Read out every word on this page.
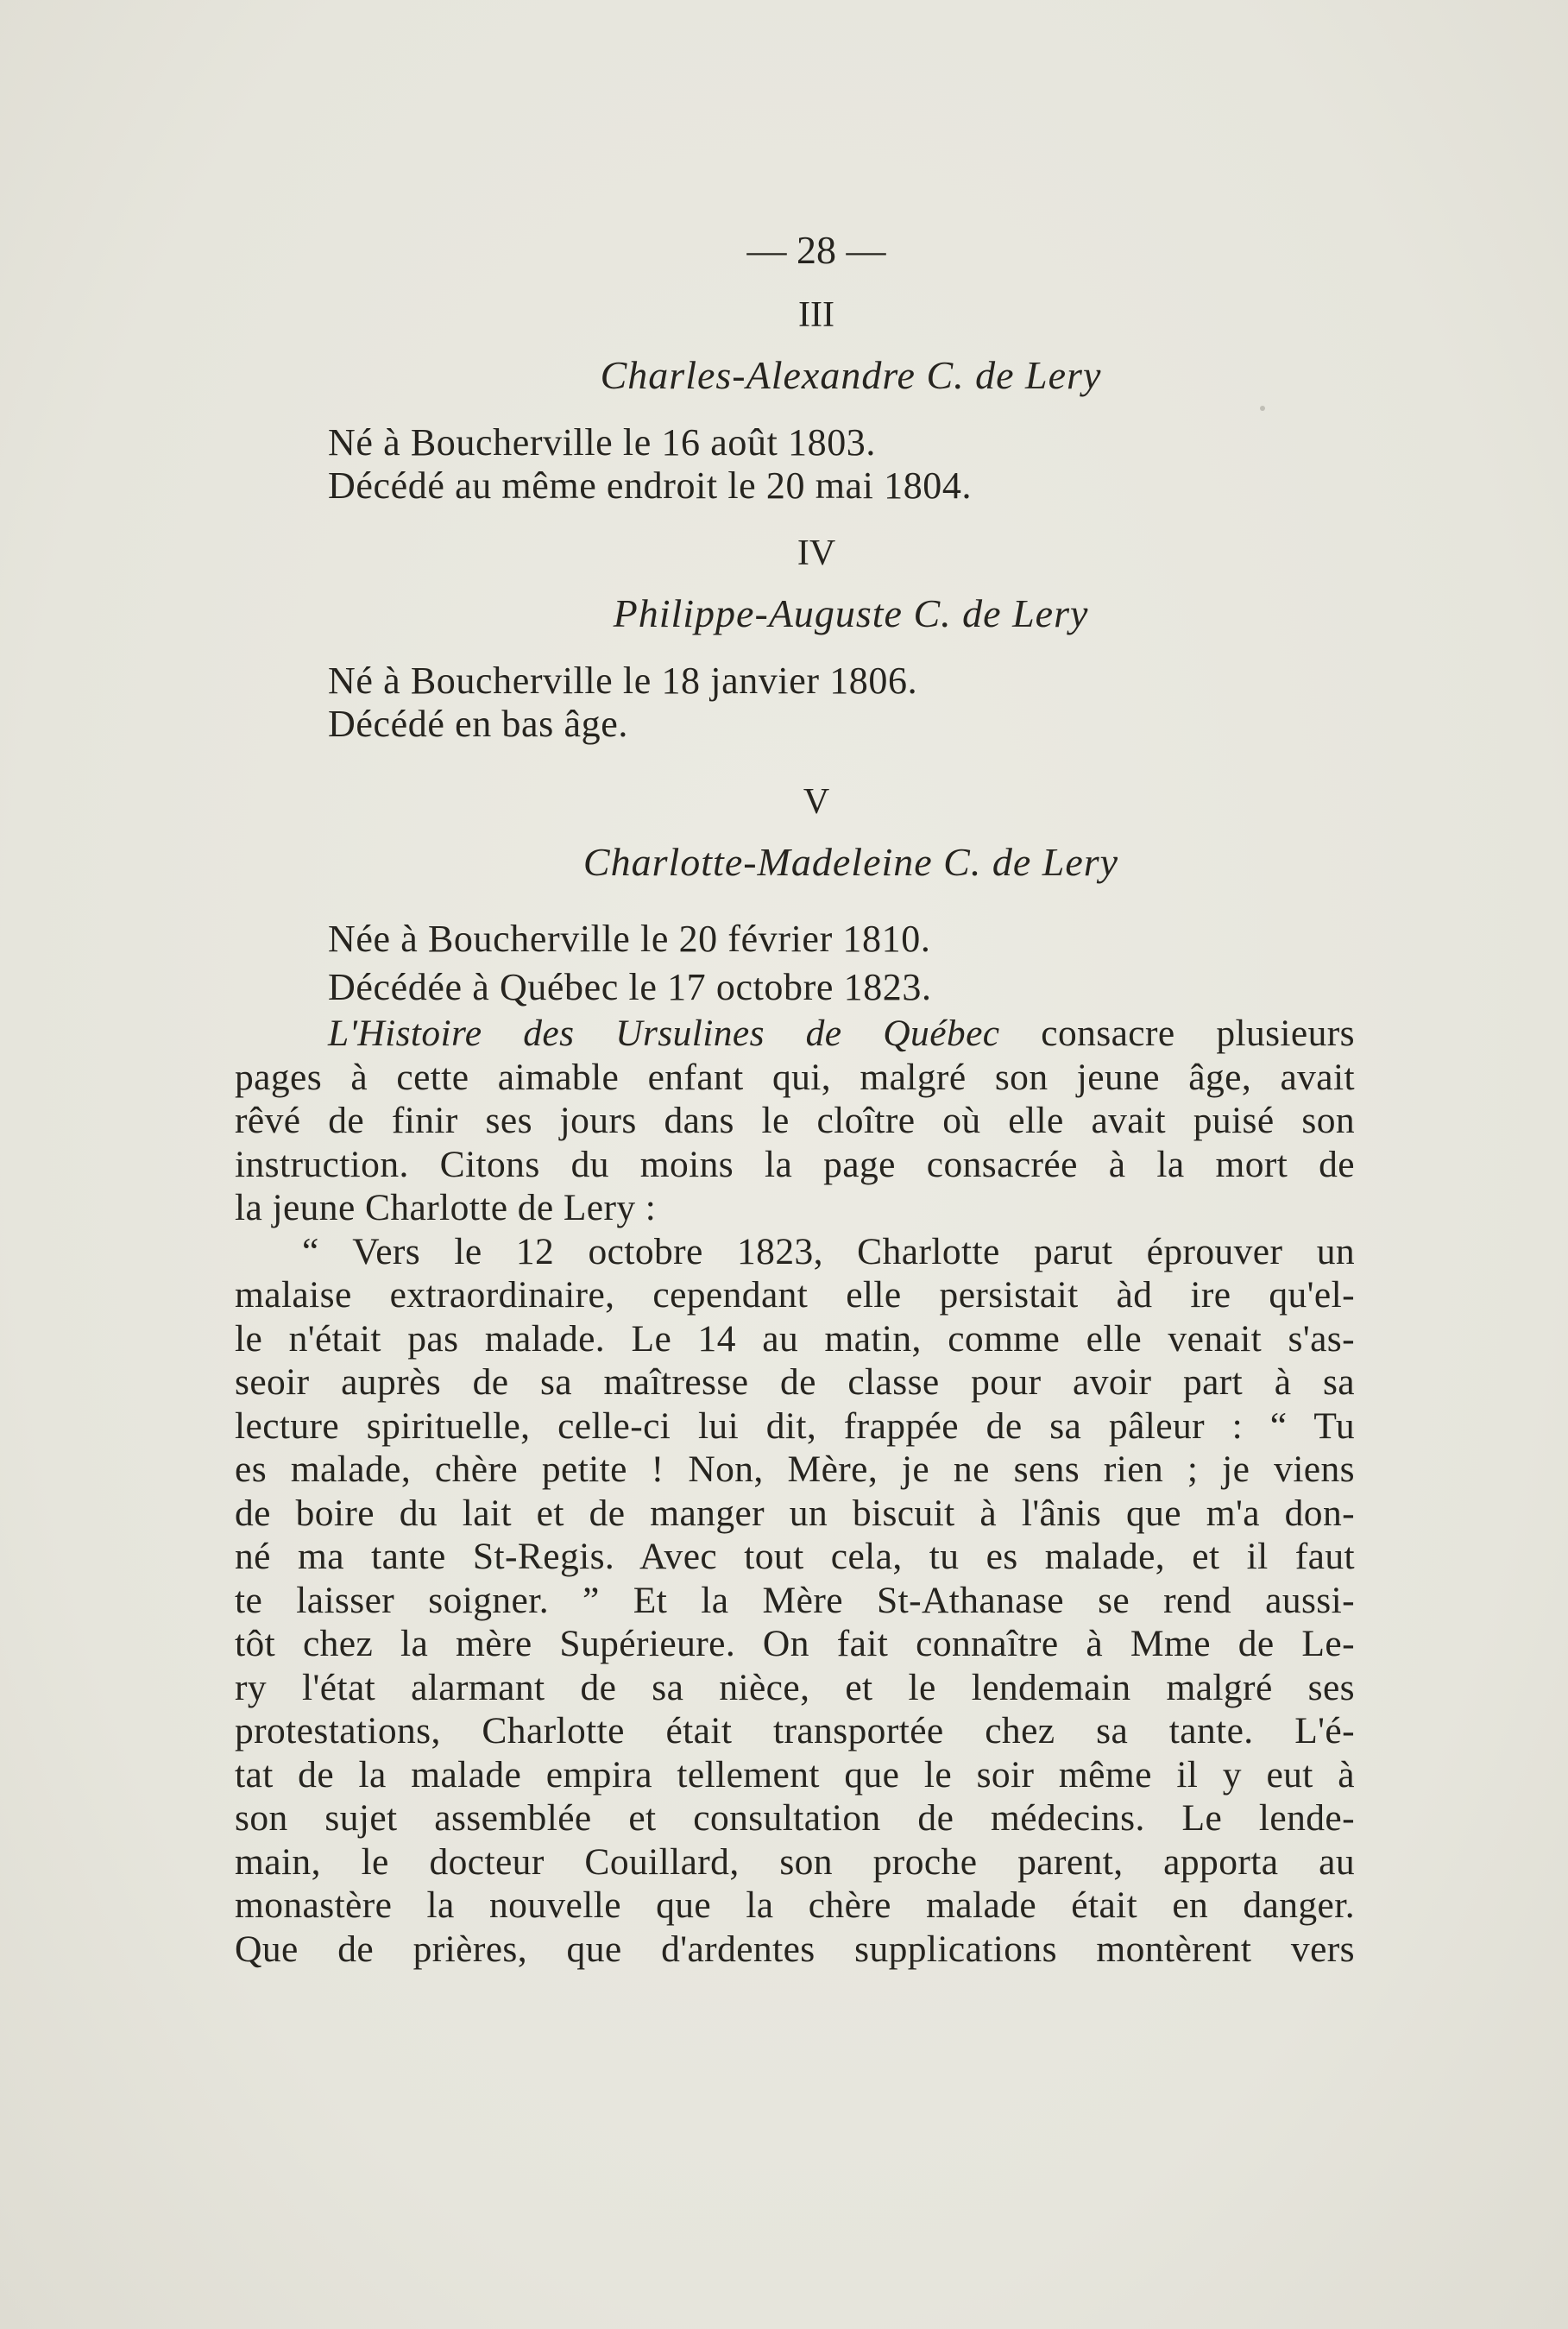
— 28 —
III
Charles-Alexandre C. de Lery
Né à Boucherville le 16 août 1803.
Décédé au même endroit le 20 mai 1804.
IV
Philippe-Auguste C. de Lery
Né à Boucherville le 18 janvier 1806.
Décédé en bas âge.
V
Charlotte-Madeleine C. de Lery
Née à Boucherville le 20 février 1810.
Décédée à Québec le 17 octobre 1823.
L'Histoire des Ursulines de Québec consacre plusieurs
pages à cette aimable enfant qui, malgré son jeune âge, avait
rêvé de finir ses jours dans le cloître où elle avait puisé son
instruction. Citons du moins la page consacrée à la mort de
la jeune Charlotte de Lery :
“ Vers le 12 octobre 1823, Charlotte parut éprouver un
malaise extraordinaire, cependant elle persistait àd ire qu'el-
le n'était pas malade. Le 14 au matin, comme elle venait s'as-
seoir auprès de sa maîtresse de classe pour avoir part à sa
lecture spirituelle, celle-ci lui dit, frappée de sa pâleur : “ Tu
es malade, chère petite ! Non, Mère, je ne sens rien ; je viens
de boire du lait et de manger un biscuit à l'ânis que m'a don-
né ma tante St-Regis. Avec tout cela, tu es malade, et il faut
te laisser soigner. ” Et la Mère St-Athanase se rend aussi-
tôt chez la mère Supérieure. On fait connaître à Mme de Le-
ry l'état alarmant de sa nièce, et le lendemain malgré ses
protestations, Charlotte était transportée chez sa tante. L'é-
tat de la malade empira tellement que le soir même il y eut à
son sujet assemblée et consultation de médecins. Le lende-
main, le docteur Couillard, son proche parent, apporta au
monastère la nouvelle que la chère malade était en danger.
Que de prières, que d'ardentes supplications montèrent vers
